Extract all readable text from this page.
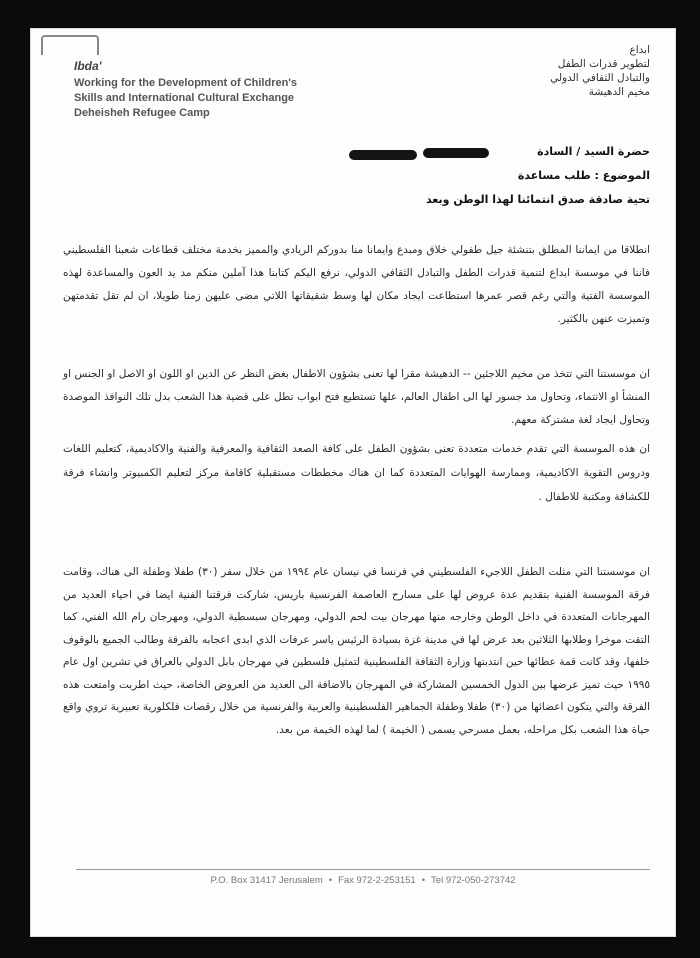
Ibda'
Working for the Development of Children's
Skills and International Cultural Exchange
Deheisheh Refugee Camp
ابداع
لتطوير قدرات الطفل
والتبادل الثقافي الدولي
مخيم الدهيشة
حضرة السيد / السادة
الموضوع : طلب مساعدة
تحية صادقة صدق انتمائنا لهذا الوطن وبعد
انطلاقا من ايماننا المطلق بتنشئة جيل طفولي خلاق ومبدع وايمانا منا بدوركم الريادي والمميز بخدمة مختلف قطاعات شعبنا الفلسطيني فاننا في موسسة ابداع لتنمية قدرات الطفل والتبادل الثقافي الدولي، نرفع اليكم كتابنا هذا آملين منكم مد يد العون والمساعدة لهذه الموسسة الفتية والتي رغم قصر عمرها استطاعت ايجاد مكان لها وسط شقيقاتها اللاتي مضى عليهن زمنا طويلا، ان لم تقل تقدمتهن وتميزت عنهن بالكثير.
ان موسستنا التي تتخذ من مخيم اللاجئين -- الدهيشة مقرا لها تعنى بشؤون الاطفال بغض النظر عن الدين او اللون او الاصل او الجنس او المنشأ او الانتماء، وتحاول مد جسور لها الى اطفال العالم، علها تستطيع فتح ابواب تطل على قضية هذا الشعب بدل تلك النوافذ الموصدة وتحاول ايجاد لغة مشتركة معهم.
ان هذه الموسسة التي تقدم خدمات متعددة تعنى بشؤون الطفل على كافة الصعد الثقافية والمعرفية والفنية والاكاديمية، كتعليم اللغات ودروس التقوية الاكاديمية، وممارسة الهوايات المتعددة كما ان هناك مخططات مستقبلية كاقامة مركز لتعليم الكمبيوتر وانشاء فرقة للكشافة ومكتبة للاطفال .
ان موسستنا التي مثلت الطفل اللاجيء الفلسطيني في فرنسا في نيسان عام ١٩٩٤ من خلال سفر (٣٠) طفلا وطفلة الى هناك، وقامت فرقة الموسسة الفنية بتقديم عدة عروض لها على مسارح العاصمة الفرنسية باريس، شاركت فرقتنا الفنية ايضا في احياء العديد من المهرجانات المتعددة في داخل الوطن وخارجه منها مهرجان بيت لحم الدولي، ومهرجان سبسطية الدولي، ومهرجان رام الله الفني، كما التقت موخرا وطلابها الثلاثين بعد عرض لها في مدينة غزة بسيادة الرئيس ياسر عرفات الذي ابدى اعجابه بالفرقة وطالب الجميع بالوقوف خلفها، وقد كانت قمة عطائها حين انتدبتها وزارة الثقافة الفلسطينية لتمثيل فلسطين في مهرجان بابل الدولي بالعراق في تشرين اول عام ١٩٩٥ حيث تميز عرضها بين الدول الخمسين المشاركة في المهرجان بالاضافة الى العديد من العروض الخاصة، حيث اطربت وامتعت هذه الفرقة والتي يتكون اعضائها من (٣٠) طفلا وطفلة الجماهير الفلسطينية والعربية والفرنسية من خلال رقصات فلكلورية تعبيرية تروي واقع حياة هذا الشعب بكل مراحله، بعمل مسرحي يسمى ( الخيمة ) لما لهذه الخيمة من بعد.
P.O. Box 31417 Jerusalem • Fax 972-2-253151 • Tel 972-050-273742
